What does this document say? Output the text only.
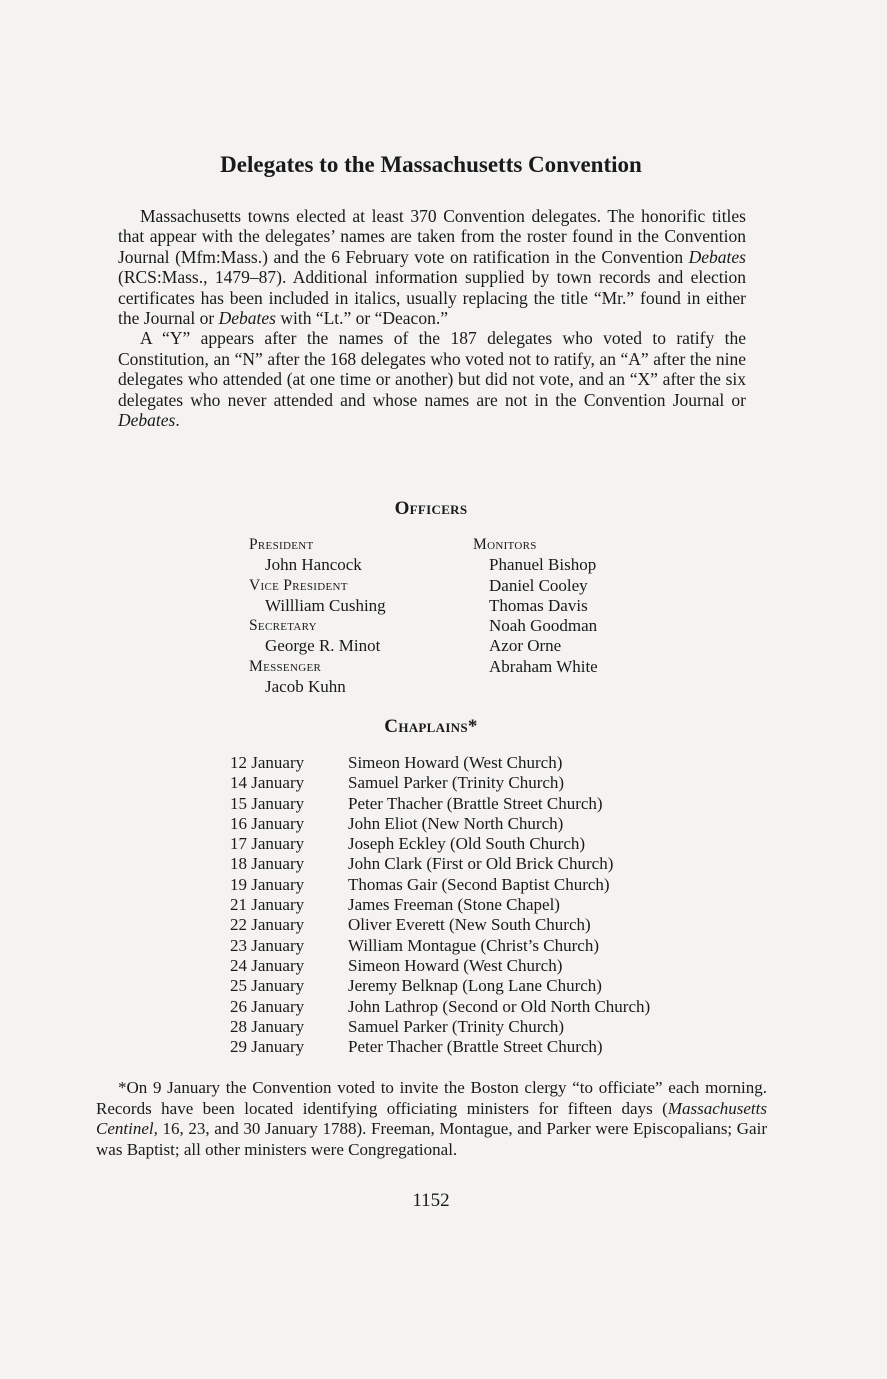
Delegates to the Massachusetts Convention

Massachusetts towns elected at least 370 Convention delegates. The honorific titles that appear with the delegates’ names are taken from the roster found in the Convention Journal (Mfm:Mass.) and the 6 February vote on ratification in the Convention Debates (RCS:Mass., 1479–87). Additional information supplied by town records and election certificates has been included in italics, usually replacing the title “Mr.” found in either the Journal or Debates with “Lt.” or “Deacon.”

A “Y” appears after the names of the 187 delegates who voted to ratify the Constitution, an “N” after the 168 delegates who voted not to ratify, an “A” after the nine delegates who attended (at one time or another) but did not vote, and an “X” after the six delegates who never attended and whose names are not in the Convention Journal or Debates.

Officers
President
John Hancock
Vice President
Willliam Cushing
Secretary
George R. Minot
Messenger
Jacob Kuhn
Monitors
Phanuel Bishop
Daniel Cooley
Thomas Davis
Noah Goodman
Azor Orne
Abraham White
Chaplains*
12 January	Simeon Howard (West Church)
14 January	Samuel Parker (Trinity Church)
15 January	Peter Thacher (Brattle Street Church)
16 January	John Eliot (New North Church)
17 January	Joseph Eckley (Old South Church)
18 January	John Clark (First or Old Brick Church)
19 January	Thomas Gair (Second Baptist Church)
21 January	James Freeman (Stone Chapel)
22 January	Oliver Everett (New South Church)
23 January	William Montague (Christ’s Church)
24 January	Simeon Howard (West Church)
25 January	Jeremy Belknap (Long Lane Church)
26 January	John Lathrop (Second or Old North Church)
28 January	Samuel Parker (Trinity Church)
29 January	Peter Thacher (Brattle Street Church)

*On 9 January the Convention voted to invite the Boston clergy “to officiate” each morning. Records have been located identifying officiating ministers for fifteen days (Massachusetts Centinel, 16, 23, and 30 January 1788). Freeman, Montague, and Parker were Episcopalians; Gair was Baptist; all other ministers were Congregational.

1152
